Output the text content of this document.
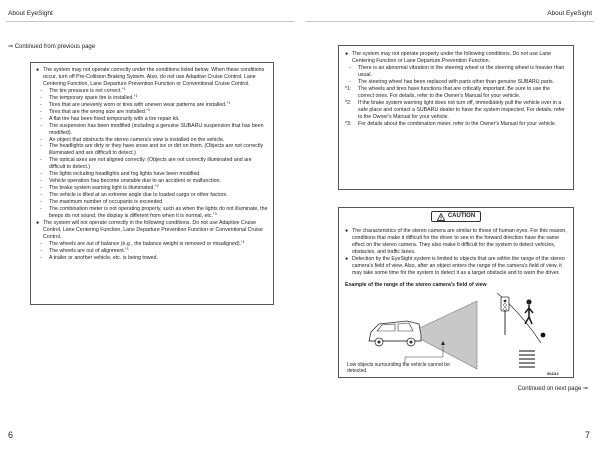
About EyeSight
⇒ Continued from previous page
● The system may not operate correctly under the conditions listed below. When these conditions occur, turn off Pre-Collision Braking System. Also, do not use Adaptive Cruise Control, Lane Centering Function, Lane Departure Prevention Function or Conventional Cruise Control.
- The tire pressure is not correct.$^{*1}$
- The temporary spare tire is installed.$^{*1}$
- Tires that are unevenly worn or tires with uneven wear patterns are installed.$^{*1}$
- Tires that are the wrong size are installed.$^{*1}$
- A flat tire has been fixed temporarily with a tire repair kit.
- The suspension has been modified (including a genuine SUBARU suspension that has been modified).
- An object that obstructs the stereo camera's view is installed on the vehicle.
- The headlights are dirty or they have snow and ice or dirt on them. (Objects are not correctly illuminated and are difficult to detect.)
- The optical axes are not aligned correctly. (Objects are not correctly illuminated and are difficult to detect.)
- The lights including headlights and fog lights have been modified.
- Vehicle operation has become unstable due to an accident or malfunction.
- The brake system warning light is illuminated.$^{*2}$
- The vehicle is tilted at an extreme angle due to loaded cargo or other factors.
- The maximum number of occupants is exceeded.
- The combination meter is not operating properly, such as when the lights do not illuminate, the beeps do not sound, the display is different from when it is normal, etc.$^{*3}$
● The system will not operate correctly in the following conditions. Do not use Adaptive Cruise Control, Lane Centering Function, Lane Departure Prevention Function or Conventional Cruise Control.
- The wheels are out of balance (e.g., the balance weight is removed or misaligned).$^{*1}$
- The wheels are out of alignment.$^{*1}$
- A trailer or another vehicle, etc. is being towed.
6
About EyeSight
● The system may not operate properly under the following conditions. Do not use Lane Centering Function or Lane Departure Prevention Function.
- There is an abnormal vibration in the steering wheel or the steering wheel is heavier than usual.
- The steering wheel has been replaced with parts other than genuine SUBARU parts.
*1: The wheels and tires have functions that are critically important. Be sure to use the correct ones. For details, refer to the Owner's Manual for your vehicle.
*2: If the brake system warning light does not turn off, immediately pull the vehicle over in a safe place and contact a SUBARU dealer to have the system inspected. For details, refer to the Owner's Manual for your vehicle.
*3: For details about the combination meter, refer to the Owner's Manual for your vehicle.
CAUTION
● The characteristics of the stereo camera are similar to those of human eyes. For this reason, conditions that make it difficult for the driver to see in the forward direction have the same effect on the stereo camera. They also make it difficult for the system to detect vehicles, obstacles, and traffic lanes.
● Detection by the EyeSight system is limited to objects that are within the range of the stereo camera's field of view. Also, after an object enters the range of the camera's field of view, it may take some time for the system to detect it as a target obstacle and to warn the driver.
Example of the range of the stereo camera's field of view
Low objects surrounding the vehicle cannot be detected.	S04113
Continued on next page ⇒
7
